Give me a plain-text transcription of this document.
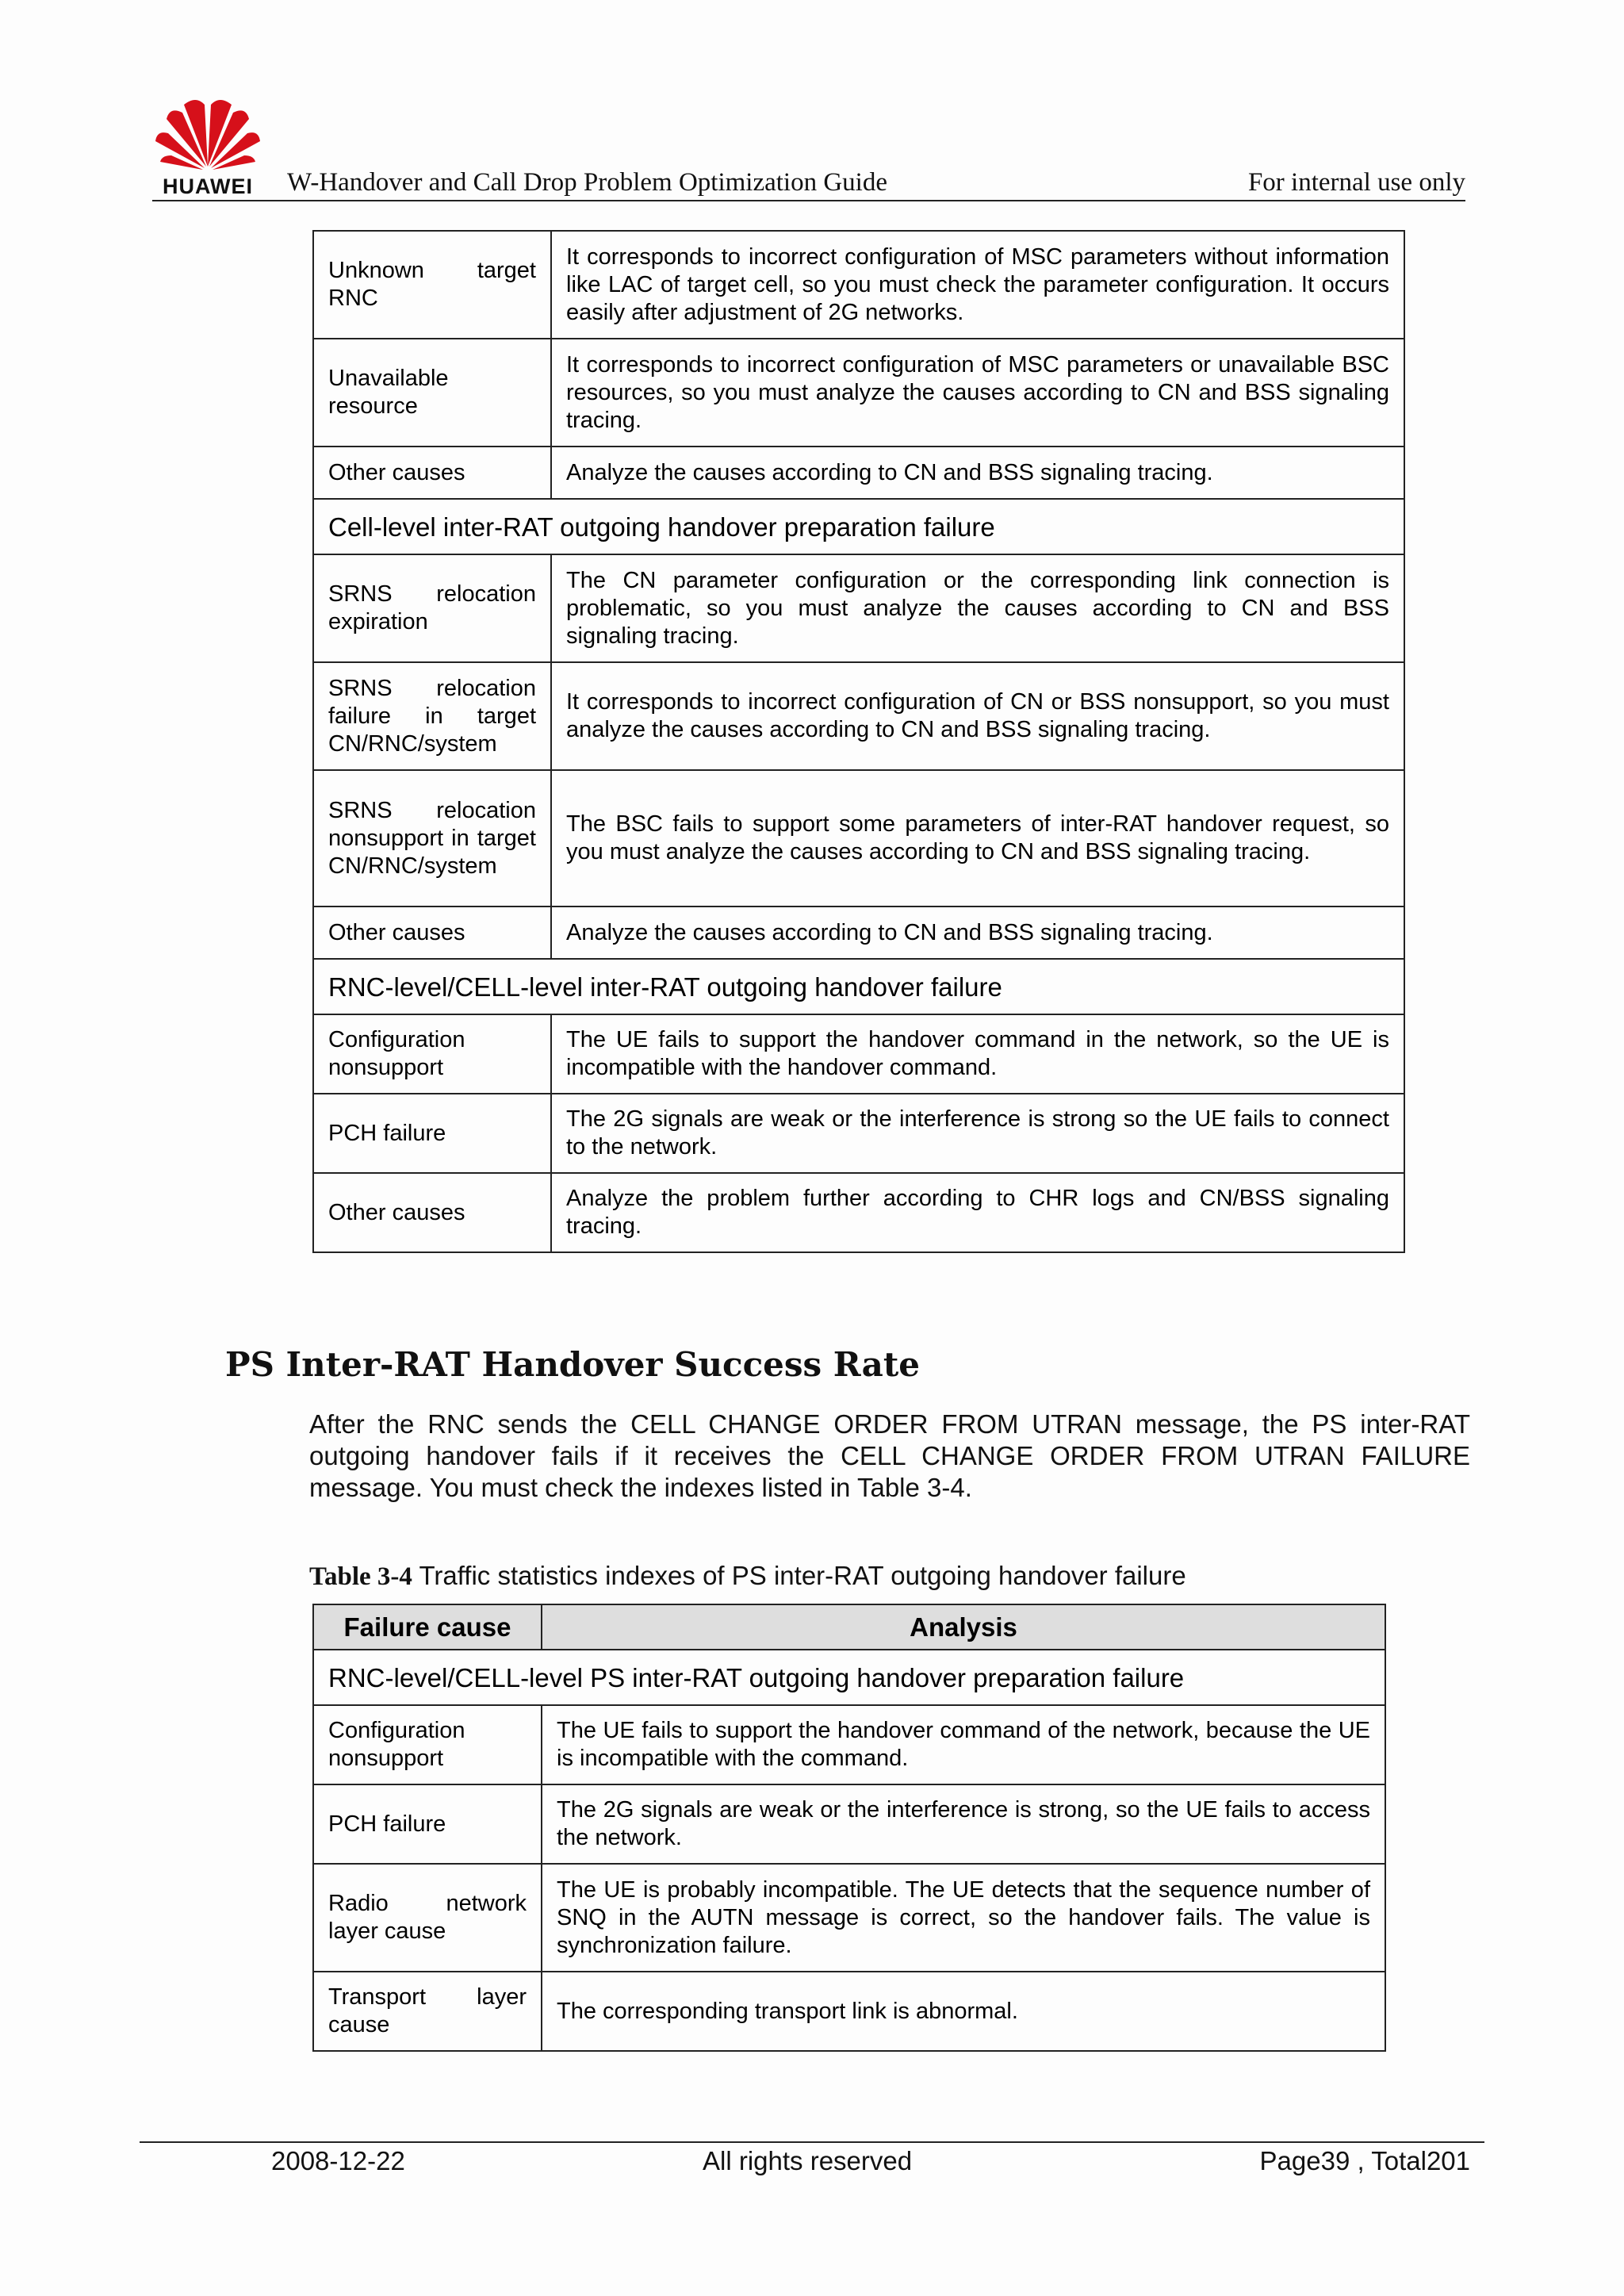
HUAWEI	W-Handover and Call Drop Problem Optimization Guide	For internal use only
Unknown target RNC	It corresponds to incorrect configuration of MSC parameters without information like LAC of target cell, so you must check the parameter configuration. It occurs easily after adjustment of 2G networks.
Unavailable resource	It corresponds to incorrect configuration of MSC parameters or unavailable BSC resources, so you must analyze the causes according to CN and BSS signaling tracing.
Other causes	Analyze the causes according to CN and BSS signaling tracing.
Cell-level inter-RAT outgoing handover preparation failure	
SRNS relocation expiration	The CN parameter configuration or the corresponding link connection is problematic, so you must analyze the causes according to CN and BSS signaling tracing.
SRNS relocation failure in target CN/RNC/system	It corresponds to incorrect configuration of CN or BSS nonsupport, so you must analyze the causes according to CN and BSS signaling tracing.
SRNS relocation nonsupport in target CN/RNC/system	The BSC fails to support some parameters of inter-RAT handover request, so you must analyze the causes according to CN and BSS signaling tracing.
Other causes	Analyze the causes according to CN and BSS signaling tracing.
RNC-level/CELL-level inter-RAT outgoing handover failure	
Configuration nonsupport	The UE fails to support the handover command in the network, so the UE is incompatible with the handover command.
PCH failure	The 2G signals are weak or the interference is strong so the UE fails to connect to the network.
Other causes	Analyze the problem further according to CHR logs and CN/BSS signaling tracing.
PS Inter-RAT Handover Success Rate
After the RNC sends the CELL CHANGE ORDER FROM UTRAN message, the PS inter-RAT outgoing handover fails if it receives the CELL CHANGE ORDER FROM UTRAN FAILURE message. You must check the indexes listed in Table 3-4.
Table 3-4 Traffic statistics indexes of PS inter-RAT outgoing handover failure
Failure cause	Analysis
RNC-level/CELL-level PS inter-RAT outgoing handover preparation failure	
Configuration nonsupport	The UE fails to support the handover command of the network, because the UE is incompatible with the command.
PCH failure	The 2G signals are weak or the interference is strong, so the UE fails to access the network.
Radio network layer cause	The UE is probably incompatible. The UE detects that the sequence number of SNQ in the AUTN message is correct, so the handover fails. The value is synchronization failure.
Transport layer cause	The corresponding transport link is abnormal.
2008-12-22	All rights reserved	Page39 , Total201
